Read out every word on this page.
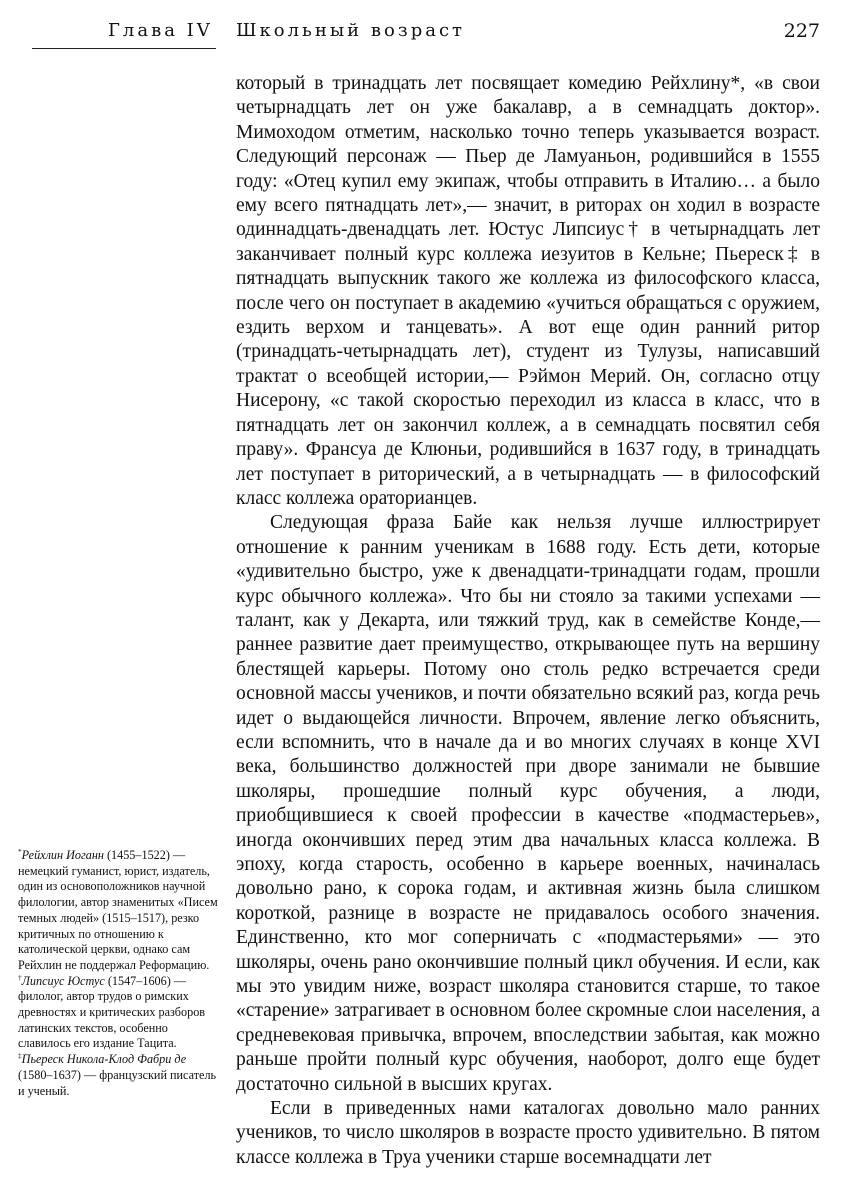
Глава IV Школьный возраст	227

который в тринадцать лет посвящает комедию Рейхлину*, «в свои четырнадцать лет он уже бакалавр, а в семнадцать доктор». Мимоходом отметим, насколько точно теперь указывается возраст. Следующий персонаж — Пьер де Ламуаньон, родившийся в 1555 году: «Отец купил ему экипаж, чтобы отправить в Италию… а было ему всего пятнадцать лет»,— значит, в риторах он ходил в возрасте одиннадцать-двенадцать лет. Юстус Липсиус† в четырнадцать лет заканчивает полный курс коллежа иезуитов в Кельне; Пьереск‡ в пятнадцать выпускник такого же коллежа из философского класса, после чего он поступает в академию «учиться обращаться с оружием, ездить верхом и танцевать». А вот еще один ранний ритор (тринадцать-четырнадцать лет), студент из Тулузы, написавший трактат о всеобщей истории,— Рэймон Мерий. Он, согласно отцу Нисерону, «с такой скоростью переходил из класса в класс, что в пятнадцать лет он закончил коллеж, а в семнадцать посвятил себя праву». Франсуа де Клюньи, родившийся в 1637 году, в тринадцать лет поступает в риторический, а в четырнадцать — в философский класс коллежа ораторианцев.

Следующая фраза Байе как нельзя лучше иллюстрирует отношение к ранним ученикам в 1688 году. Есть дети, которые «удивительно быстро, уже к двенадцати-тринадцати годам, прошли курс обычного коллежа». Что бы ни стояло за такими успехами — талант, как у Декарта, или тяжкий труд, как в семействе Конде,— раннее развитие дает преимущество, открывающее путь на вершину блестящей карьеры. Потому оно столь редко встречается среди основной массы учеников, и почти обязательно всякий раз, когда речь идет о выдающейся личности. Впрочем, явление легко объяснить, если вспомнить, что в начале да и во многих случаях в конце XVI века, большинство должностей при дворе занимали не бывшие школяры, прошедшие полный курс обучения, а люди, приобщившиеся к своей профессии в качестве «подмастерьев», иногда окончивших перед этим два начальных класса коллежа. В эпоху, когда старость, особенно в карьере военных, начиналась довольно рано, к сорока годам, и активная жизнь была слишком короткой, разнице в возрасте не придавалось особого значения. Единственно, кто мог соперничать с «подмастерьями» — это школяры, очень рано окончившие полный цикл обучения. И если, как мы это увидим ниже, возраст школяра становится старше, то такое «старение» затрагивает в основном более скромные слои населения, а средневековая привычка, впрочем, впоследствии забытая, как можно раньше пройти полный курс обучения, наоборот, долго еще будет достаточно сильной в высших кругах.

Если в приведенных нами каталогах довольно мало ранних учеников, то число школяров в возрасте просто удивительно. В пятом классе коллежа в Труа ученики старше восемнадцати лет

*Рейхлин Иоганн (1455–1522) — немецкий гуманист, юрист, издатель, один из основоположников научной филологии, автор знаменитых «Писем темных людей» (1515–1517), резко критичных по отношению к католической церкви, однако сам Рейхлин не поддержал Реформацию.

†Липсиус Юстус (1547–1606) — филолог, автор трудов о римских древностях и критических разборов латинских текстов, особенно славилось его издание Тацита.

‡Пьереск Никола-Клод Фабри де (1580–1637) — французский писатель и ученый.
